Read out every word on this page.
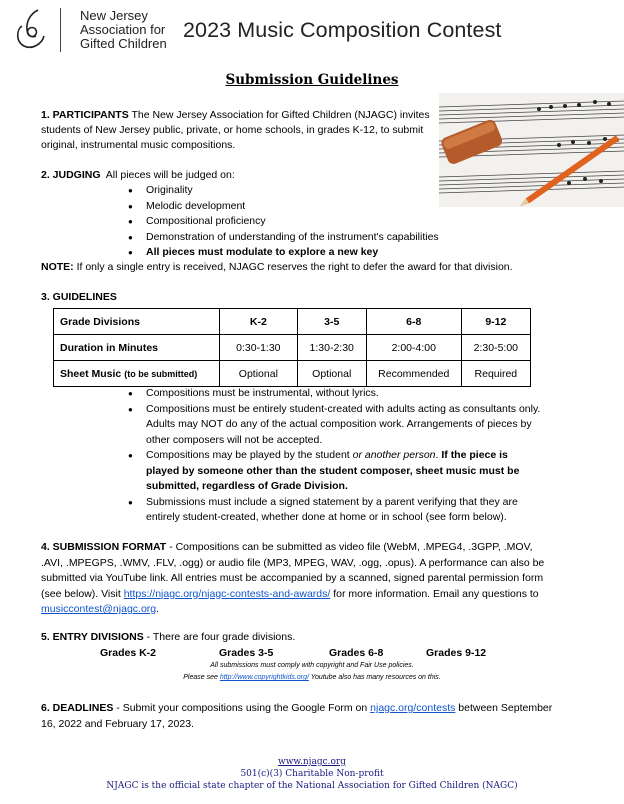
New Jersey
Association for
Gifted Children
2023 Music Composition Contest
Submission Guidelines
1. PARTICIPANTS The New Jersey Association for Gifted Children (NJAGC) invites students of New Jersey public, private, or home schools, in grades K-12, to submit original, instrumental music compositions.
2. JUDGING All pieces will be judged on:
● Originality
● Melodic development
● Compositional proficiency
● Demonstration of understanding of the instrument's capabilities
● All pieces must modulate to explore a new key
NOTE: If only a single entry is received, NJAGC reserves the right to defer the award for that division.
3. GUIDELINES
Grade Divisions	K-2	3-5	6-8	9-12
Duration in Minutes	0:30-1:30	1:30-2:30	2:00-4:00	2:30-5:00
Sheet Music (to be submitted)	Optional	Optional	Recommended	Required
● Compositions must be instrumental, without lyrics.
● Compositions must be entirely student-created with adults acting as consultants only. Adults may NOT do any of the actual composition work. Arrangements of pieces by other composers will not be accepted.
● Compositions may be played by the student or another person. If the piece is played by someone other than the student composer, sheet music must be submitted, regardless of Grade Division.
● Submissions must include a signed statement by a parent verifying that they are entirely student-created, whether done at home or in school (see form below).
4. SUBMISSION FORMAT - Compositions can be submitted as video file (WebM, .MPEG4, .3GPP, .MOV, .AVI, .MPEGPS, .WMV, .FLV, .ogg) or audio file (MP3, MPEG, WAV, .ogg, .opus). A performance can also be submitted via YouTube link. All entries must be accompanied by a scanned, signed parental permission form (see below). Visit https://njagc.org/njagc-contests-and-awards/ for more information. Email any questions to musiccontest@njagc.org.
5. ENTRY DIVISIONS - There are four grade divisions.
Grades K-2	Grades 3-5	Grades 6-8	Grades 9-12
All submissions must comply with copyright and Fair Use policies.
Please see http://www.copyrightkids.org/ Youtube also has many resources on this.
6. DEADLINES - Submit your compositions using the Google Form on njagc.org/contests between September 16, 2022 and February 17, 2023.
www.njagc.org
501(c)(3) Charitable Non-profit
NJAGC is the official state chapter of the National Association for Gifted Children (NAGC)
